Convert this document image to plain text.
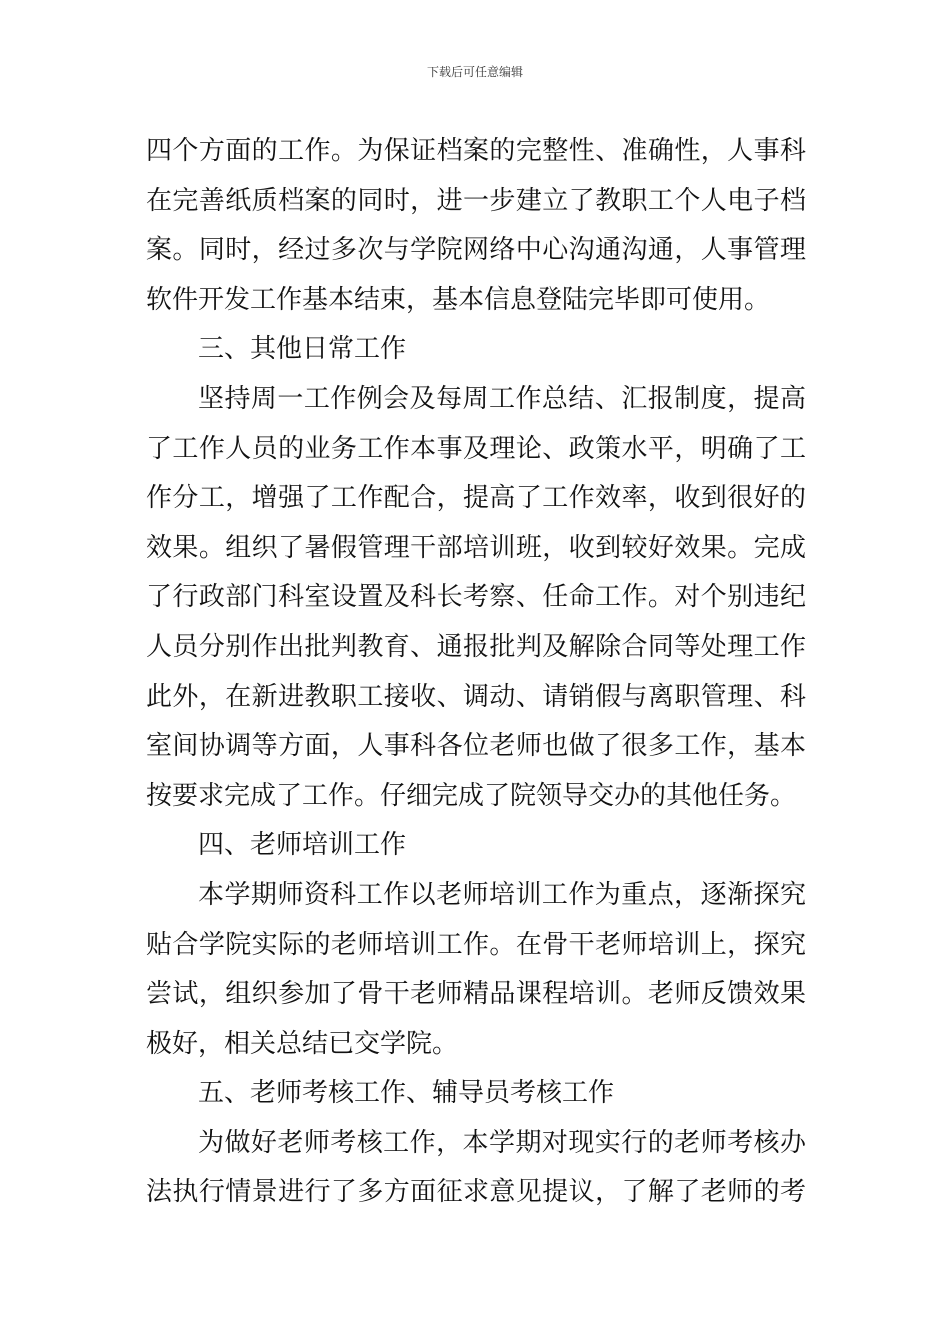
下载后可任意编辑
四个方面的工作。为保证档案的完整性、准确性，人事科
在完善纸质档案的同时，进一步建立了教职工个人电子档
案。同时，经过多次与学院网络中心沟通沟通，人事管理
软件开发工作基本结束，基本信息登陆完毕即可使用。
三、其他日常工作
坚持周一工作例会及每周工作总结、汇报制度，提高
了工作人员的业务工作本事及理论、政策水平，明确了工
作分工，增强了工作配合，提高了工作效率，收到很好的
效果。组织了暑假管理干部培训班，收到较好效果。完成
了行政部门科室设置及科长考察、任命工作。对个别违纪
人员分别作出批判教育、通报批判及解除合同等处理工作
此外，在新进教职工接收、调动、请销假与离职管理、科
室间协调等方面，人事科各位老师也做了很多工作，基本
按要求完成了工作。仔细完成了院领导交办的其他任务。
四、老师培训工作
本学期师资科工作以老师培训工作为重点，逐渐探究
贴合学院实际的老师培训工作。在骨干老师培训上，探究
尝试，组织参加了骨干老师精品课程培训。老师反馈效果
极好，相关总结已交学院。
五、老师考核工作、辅导员考核工作
为做好老师考核工作，本学期对现实行的老师考核办
法执行情景进行了多方面征求意见提议，了解了老师的考
